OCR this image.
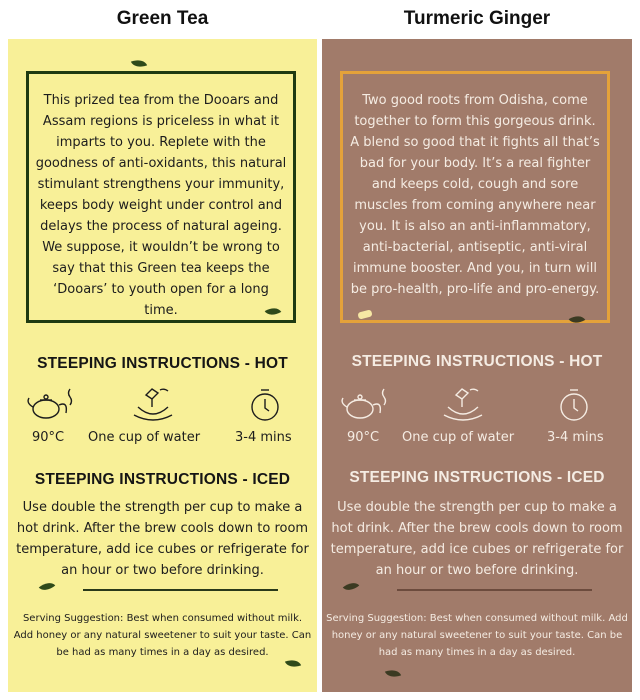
Green Tea	Turmeric Ginger
This prized tea from the Dooars and Assam regions is priceless in what it imparts to you. Replete with the goodness of anti-oxidants, this natural stimulant strengthens your immunity, keeps body weight under control and delays the process of natural ageing. We suppose, it wouldn’t be wrong to say that this Green tea keeps the ‘Dooars’ to youth open for a long time.
STEEPING INSTRUCTIONS - HOT
90°C One cup of water	3-4 mins
STEEPING INSTRUCTIONS - ICED
Use double the strength per cup to make a hot drink. After the brew cools down to room temperature, add ice cubes or refrigerate for an hour or two before drinking.
Serving Suggestion: Best when consumed without milk. Add honey or any natural sweetener to suit your taste. Can be had as many times in a day as desired.
Two good roots from Odisha, come together to form this gorgeous drink. A blend so good that it fights all that’s bad for your body. It’s a real fighter and keeps cold, cough and sore muscles from coming anywhere near you. It is also an anti-inflammatory, anti-bacterial, antiseptic, anti-viral immune booster. And you, in turn will be pro-health, pro-life and pro-energy.
STEEPING INSTRUCTIONS - HOT
90°C One cup of water	3-4 mins
STEEPING INSTRUCTIONS - ICED
Use double the strength per cup to make a hot drink. After the brew cools down to room temperature, add ice cubes or refrigerate for an hour or two before drinking.
Serving Suggestion: Best when consumed without milk. Add honey or any natural sweetener to suit your taste. Can be had as many times in a day as desired.
